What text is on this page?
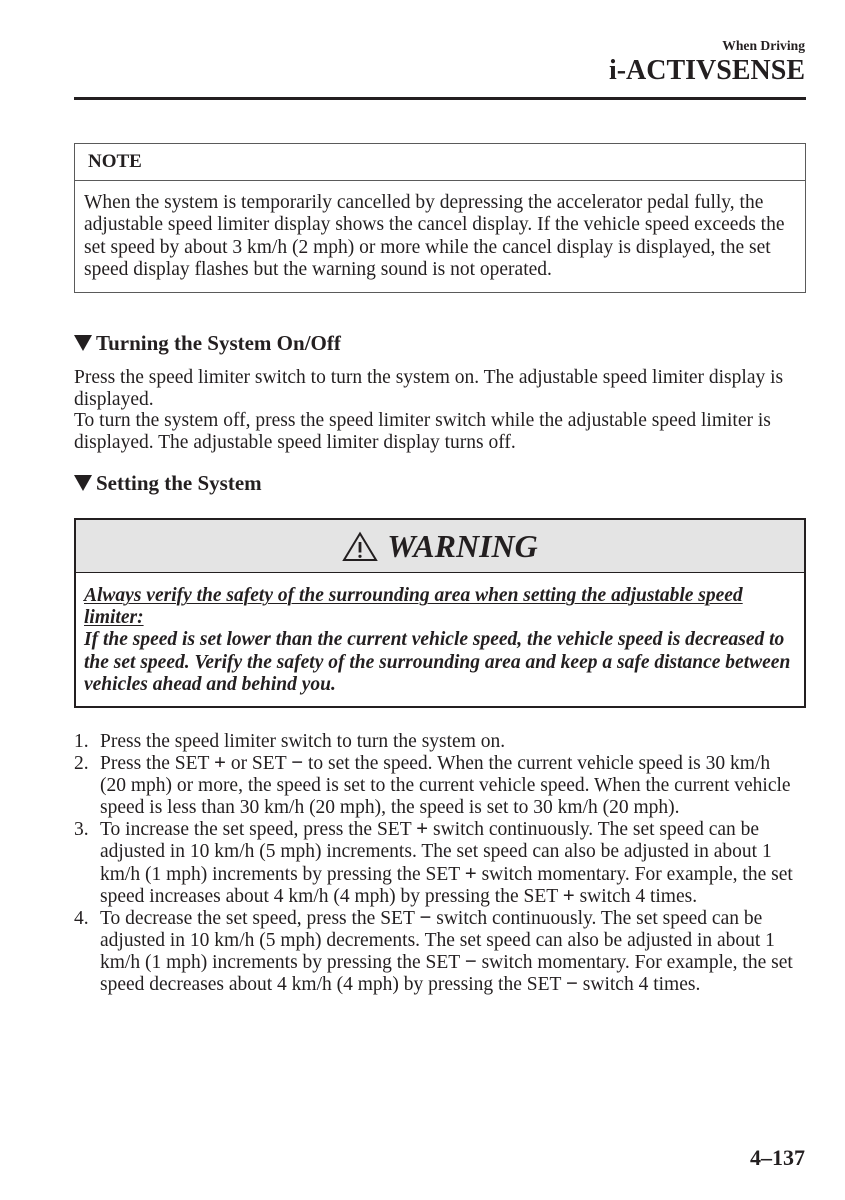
When Driving
i-ACTIVSENSE
NOTE
When the system is temporarily cancelled by depressing the accelerator pedal fully, the
adjustable speed limiter display shows the cancel display. If the vehicle speed exceeds the
set speed by about 3 km/h (2 mph) or more while the cancel display is displayed, the set
speed display flashes but the warning sound is not operated.
Turning the System On/Off
Press the speed limiter switch to turn the system on. The adjustable speed limiter display is
displayed.
To turn the system off, press the speed limiter switch while the adjustable speed limiter is
displayed. The adjustable speed limiter display turns off.
Setting the System
WARNING
Always verify the safety of the surrounding area when setting the adjustable speed
limiter:
If the speed is set lower than the current vehicle speed, the vehicle speed is decreased to
the set speed. Verify the safety of the surrounding area and keep a safe distance between
vehicles ahead and behind you.
1. Press the speed limiter switch to turn the system on.
2. Press the SET + or SET − to set the speed. When the current vehicle speed is 30 km/h
(20 mph) or more, the speed is set to the current vehicle speed. When the current vehicle
speed is less than 30 km/h (20 mph), the speed is set to 30 km/h (20 mph).
3. To increase the set speed, press the SET + switch continuously. The set speed can be
adjusted in 10 km/h (5 mph) increments. The set speed can also be adjusted in about 1
km/h (1 mph) increments by pressing the SET + switch momentary. For example, the set
speed increases about 4 km/h (4 mph) by pressing the SET + switch 4 times.
4. To decrease the set speed, press the SET − switch continuously. The set speed can be
adjusted in 10 km/h (5 mph) decrements. The set speed can also be adjusted in about 1
km/h (1 mph) increments by pressing the SET − switch momentary. For example, the set
speed decreases about 4 km/h (4 mph) by pressing the SET − switch 4 times.
4–137
